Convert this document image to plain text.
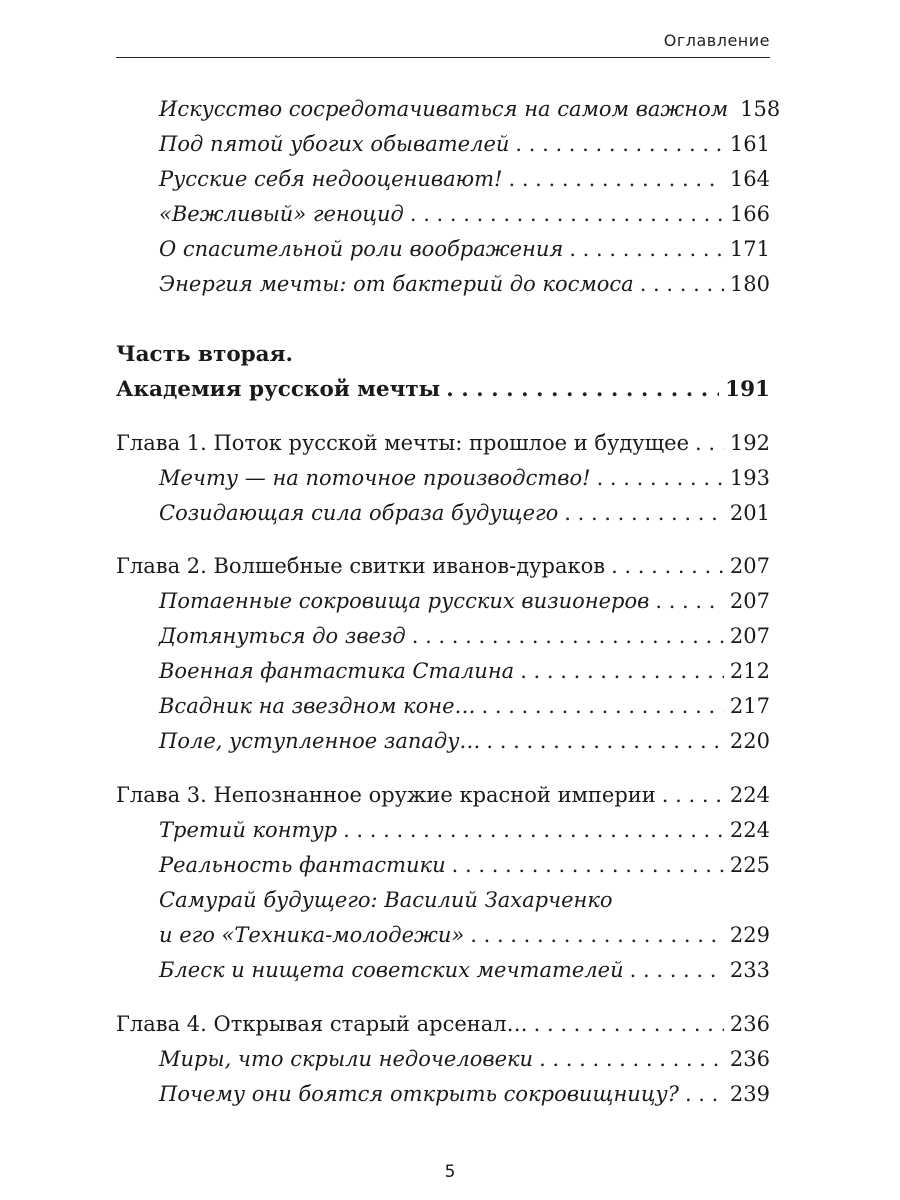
Оглавление
Искусство сосредотачиваться на самом важном 158
Под пятой убогих обывателей . . .	161
Русские себя недооценивают! . . .	164
«Вежливый» геноцид . . .	166
О спасительной роли воображения . . .	171
Энергия мечты: от бактерий до космоса . . .	180
Часть вторая.
Академия русской мечты . . .	191
Глава 1. Поток русской мечты: прошлое и будущее . . . 192
Мечту — на поточное производство! . . .	193
Созидающая сила образа будущего . . .	201
Глава 2. Волшебные свитки иванов-дураков . . .	207
Потаенные сокровища русских визионеров . . .	207
Дотянуться до звезд . . .	207
Военная фантастика Сталина . . .	212
Всадник на звездном коне… . . .	217
Поле, уступленное западу… . . .	220
Глава 3. Непознанное оружие красной империи . . .	224
Третий контур . . .	224
Реальность фантастики . . .	225
Самурай будущего: Василий Захарченко
и его «Техника-молодежи» . . .	229
Блеск и нищета советских мечтателей . . .	233
Глава 4. Открывая старый арсенал… . . .	236
Миры, что скрыли недочеловеки . . .	236
Почему они боятся открыть сокровищницу? . . . 239
5
